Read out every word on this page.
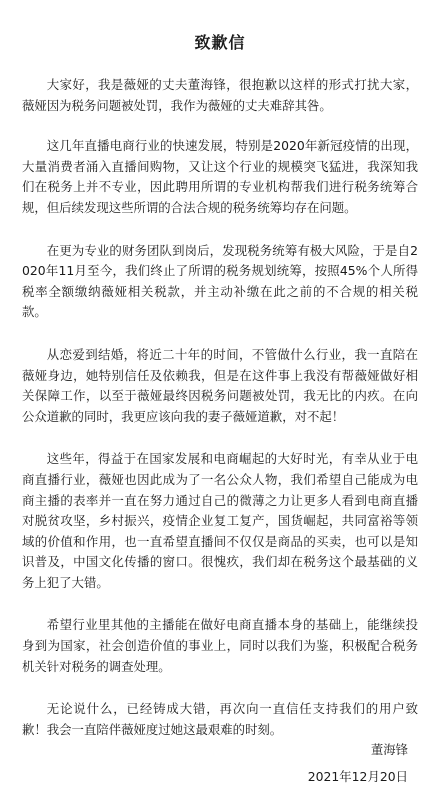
致歉信

大家好，我是薇娅的丈夫董海锋，很抱歉以这样的形式打扰大家，薇娅因为税务问题被处罚，我作为薇娅的丈夫难辞其咎。

这几年直播电商行业的快速发展，特别是2020年新冠疫情的出现，大量消费者涌入直播间购物，又让这个行业的规模突飞猛进，我深知我们在税务上并不专业，因此聘用所谓的专业机构帮我们进行税务统筹合规，但后续发现这些所谓的合法合规的税务统筹均存在问题。

在更为专业的财务团队到岗后，发现税务统筹有极大风险，于是自2020年11月至今，我们终止了所谓的税务规划统筹，按照45%个人所得税率全额缴纳薇娅相关税款，并主动补缴在此之前的不合规的相关税款。

从恋爱到结婚，将近二十年的时间，不管做什么行业，我一直陪在薇娅身边，她特别信任及依赖我，但是在这件事上我没有帮薇娅做好相关保障工作，以至于薇娅最终因税务问题被处罚，我无比的内疚。在向公众道歉的同时，我更应该向我的妻子薇娅道歉，对不起！

这些年，得益于在国家发展和电商崛起的大好时光，有幸从业于电商直播行业，薇娅也因此成为了一名公众人物，我们希望自己能成为电商主播的表率并一直在努力通过自己的微薄之力让更多人看到电商直播对脱贫攻坚，乡村振兴，疫情企业复工复产，国货崛起，共同富裕等领域的价值和作用，也一直希望直播间不仅仅是商品的买卖，也可以是知识普及，中国文化传播的窗口。很愧疚，我们却在税务这个最基础的义务上犯了大错。

希望行业里其他的主播能在做好电商直播本身的基础上，能继续投身到为国家，社会创造价值的事业上，同时以我们为鉴，积极配合税务机关针对税务的调查处理。

无论说什么，已经铸成大错，再次向一直信任支持我们的用户致歉！我会一直陪伴薇娅度过她这最艰难的时刻。

董海锋
2021年12月20日
